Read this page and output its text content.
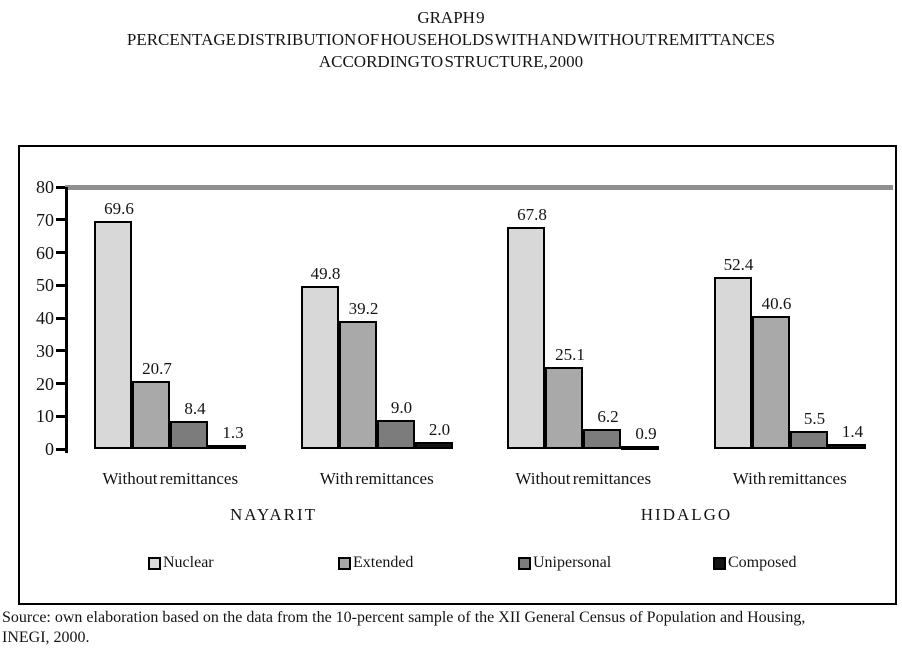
GRAPH 9
PERCENTAGE DISTRIBUTION OF HOUSEHOLDS WITH AND WITHOUT REMITTANCES
ACCORDING TO STRUCTURE, 2000
0
10
20
30
40
50
60
70
80
69.6
49.8
67.8
52.4
20.7
39.2
25.1
40.6
8.4	9.0	6.2	5.5
1.3	2.0	0.9	1.4
Without remittances	With remittances	Without remittances	With remittances
NAYARIT	HIDALGO
Nuclear	Extended	Unipersonal	Composed
Source: own elaboration based on the data from the 10-percent sample of the XII General Census of Population and Housing,
INEGI, 2000.
